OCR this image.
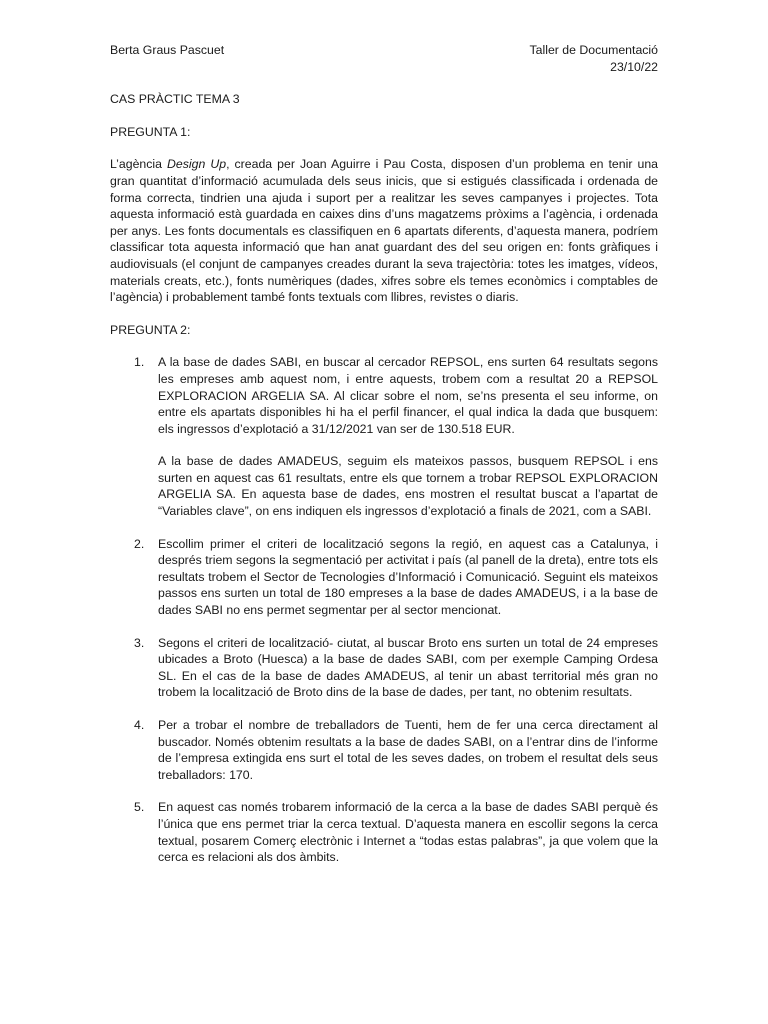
Berta Graus Pascuet	Taller de Documentació
23/10/22
CAS PRÀCTIC TEMA 3
PREGUNTA 1:
L’agència Design Up, creada per Joan Aguirre i Pau Costa, disposen d’un problema en tenir una gran quantitat d’informació acumulada dels seus inicis, que si estigués classificada i ordenada de forma correcta, tindrien una ajuda i suport per a realitzar les seves campanyes i projectes. Tota aquesta informació està guardada en caixes dins d’uns magatzems pròxims a l’agència, i ordenada per anys. Les fonts documentals es classifiquen en 6 apartats diferents, d’aquesta manera, podríem classificar tota aquesta informació que han anat guardant des del seu origen en: fonts gràfiques i audiovisuals (el conjunt de campanyes creades durant la seva trajectòria: totes les imatges, vídeos, materials creats, etc.), fonts numèriques (dades, xifres sobre els temes econòmics i comptables de l’agència) i probablement també fonts textuals com llibres, revistes o diaris.
PREGUNTA 2:
1.	A la base de dades SABI, en buscar al cercador REPSOL, ens surten 64 resultats segons les empreses amb aquest nom, i entre aquests, trobem com a resultat 20 a REPSOL EXPLORACION ARGELIA SA. Al clicar sobre el nom, se’ns presenta el seu informe, on entre els apartats disponibles hi ha el perfil financer, el qual indica la dada que busquem: els ingressos d’explotació a 31/12/2021 van ser de 130.518 EUR.

A la base de dades AMADEUS, seguim els mateixos passos, busquem REPSOL i ens surten en aquest cas 61 resultats, entre els que tornem a trobar REPSOL EXPLORACION ARGELIA SA. En aquesta base de dades, ens mostren el resultat buscat a l’apartat de “Variables clave”, on ens indiquen els ingressos d’explotació a finals de 2021, com a SABI.

2.	Escollim primer el criteri de localització segons la regió, en aquest cas a Catalunya, i després triem segons la segmentació per activitat i país (al panell de la dreta), entre tots els resultats trobem el Sector de Tecnologies d’Informació i Comunicació. Seguint els mateixos passos ens surten un total de 180 empreses a la base de dades AMADEUS, i a la base de dades SABI no ens permet segmentar per al sector mencionat.

3.	Segons el criteri de localització- ciutat, al buscar Broto ens surten un total de 24 empreses ubicades a Broto (Huesca) a la base de dades SABI, com per exemple Camping Ordesa SL. En el cas de la base de dades AMADEUS, al tenir un abast territorial més gran no trobem la localització de Broto dins de la base de dades, per tant, no obtenim resultats.

4.	Per a trobar el nombre de treballadors de Tuenti, hem de fer una cerca directament al buscador. Només obtenim resultats a la base de dades SABI, on a l’entrar dins de l’informe de l’empresa extingida ens surt el total de les seves dades, on trobem el resultat dels seus treballadors: 170.

5.	En aquest cas només trobarem informació de la cerca a la base de dades SABI perquè és l’única que ens permet triar la cerca textual. D’aquesta manera en escollir segons la cerca textual, posarem Comerç electrònic i Internet a “todas estas palabras”, ja que volem que la cerca es relacioni als dos àmbits.
